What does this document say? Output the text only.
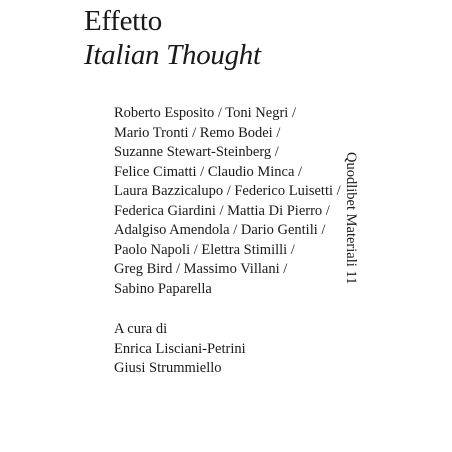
Effetto
Italian Thought
Roberto Esposito / Toni Negri /
Mario Tronti / Remo Bodei /
Suzanne Stewart-Steinberg /
Felice Cimatti / Claudio Minca /
Laura Bazzicalupo / Federico Luisetti /
Federica Giardini / Mattia Di Pierro /
Adalgiso Amendola / Dario Gentili /
Paolo Napoli / Elettra Stimilli /
Greg Bird / Massimo Villani /
Sabino Paparella
A cura di
Enrica Lisciani-Petrini
Giusi Strummiello
Quodlibet Materiali 11
